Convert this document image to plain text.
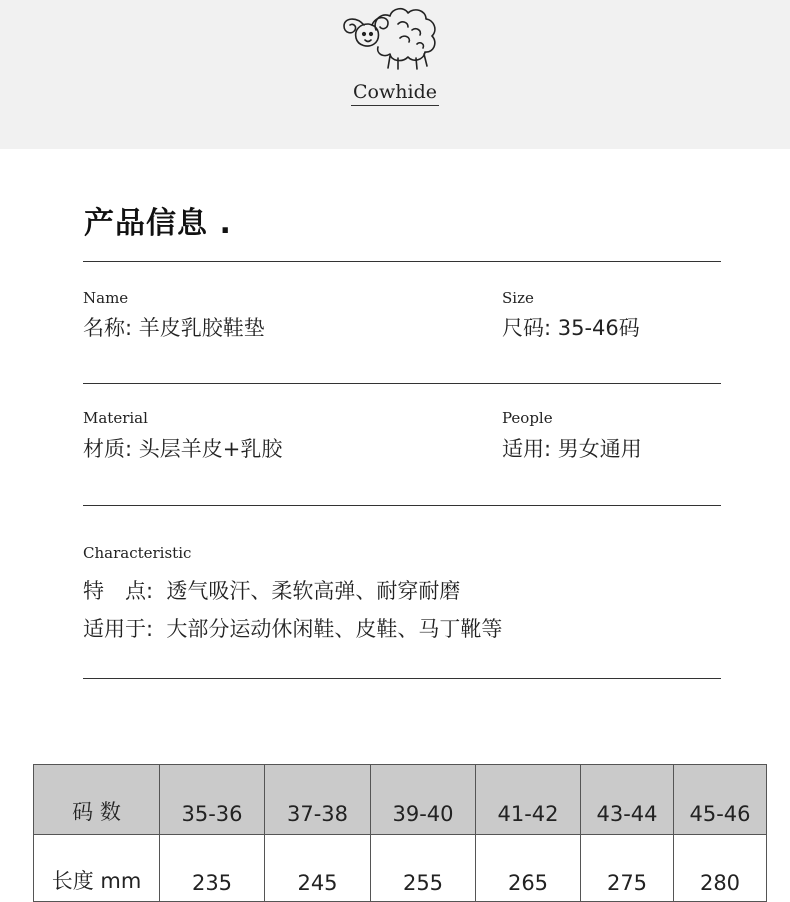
Cowhide
产品信息 .
Name
名称: 羊皮乳胶鞋垫
Size
尺码: 35-46码
Material
材质: 头层羊皮+乳胶
People
适用: 男女通用
Characteristic
特　点:  透气吸汗、柔软高弹、耐穿耐磨
适用于:  大部分运动休闲鞋、皮鞋、马丁靴等
码 数	35-36	37-38	39-40	41-42	43-44	45-46
长度 mm	235	245	255	265	275	280
